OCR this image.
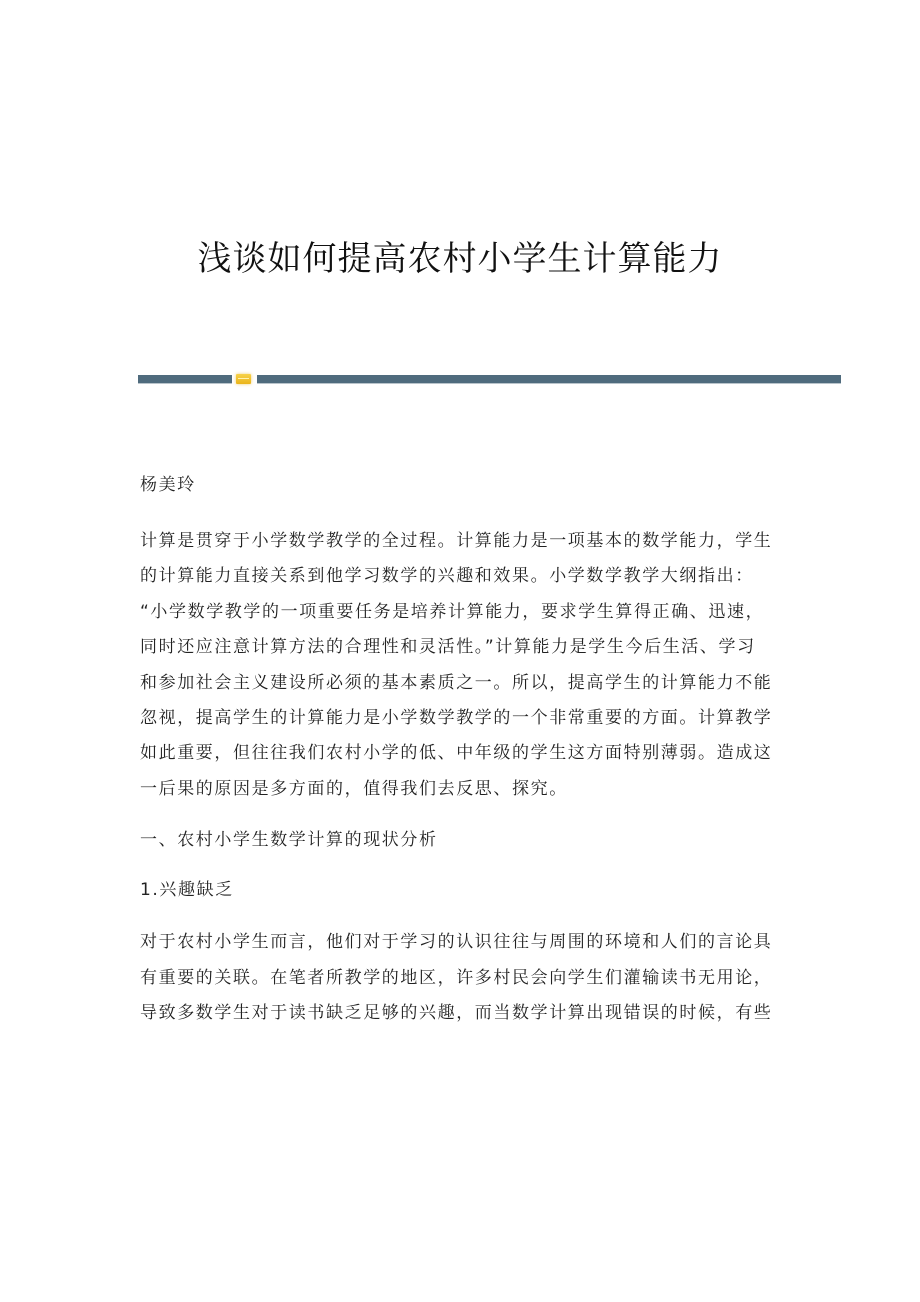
浅谈如何提高农村小学生计算能力

杨美玲

计算是贯穿于小学数学教学的全过程。计算能力是一项基本的数学能力，学生
的计算能力直接关系到他学习数学的兴趣和效果。小学数学教学大纲指出：
“小学数学教学的一项重要任务是培养计算能力，要求学生算得正确、迅速，
同时还应注意计算方法的合理性和灵活性。”计算能力是学生今后生活、学习
和参加社会主义建设所必须的基本素质之一。所以，提高学生的计算能力不能
忽视，提高学生的计算能力是小学数学教学的一个非常重要的方面。计算教学
如此重要，但往往我们农村小学的低、中年级的学生这方面特别薄弱。造成这
一后果的原因是多方面的，值得我们去反思、探究。

一、农村小学生数学计算的现状分析

1.兴趣缺乏

对于农村小学生而言，他们对于学习的认识往往与周围的环境和人们的言论具
有重要的关联。在笔者所教学的地区，许多村民会向学生们灌输读书无用论，
导致多数学生对于读书缺乏足够的兴趣，而当数学计算出现错误的时候，有些
